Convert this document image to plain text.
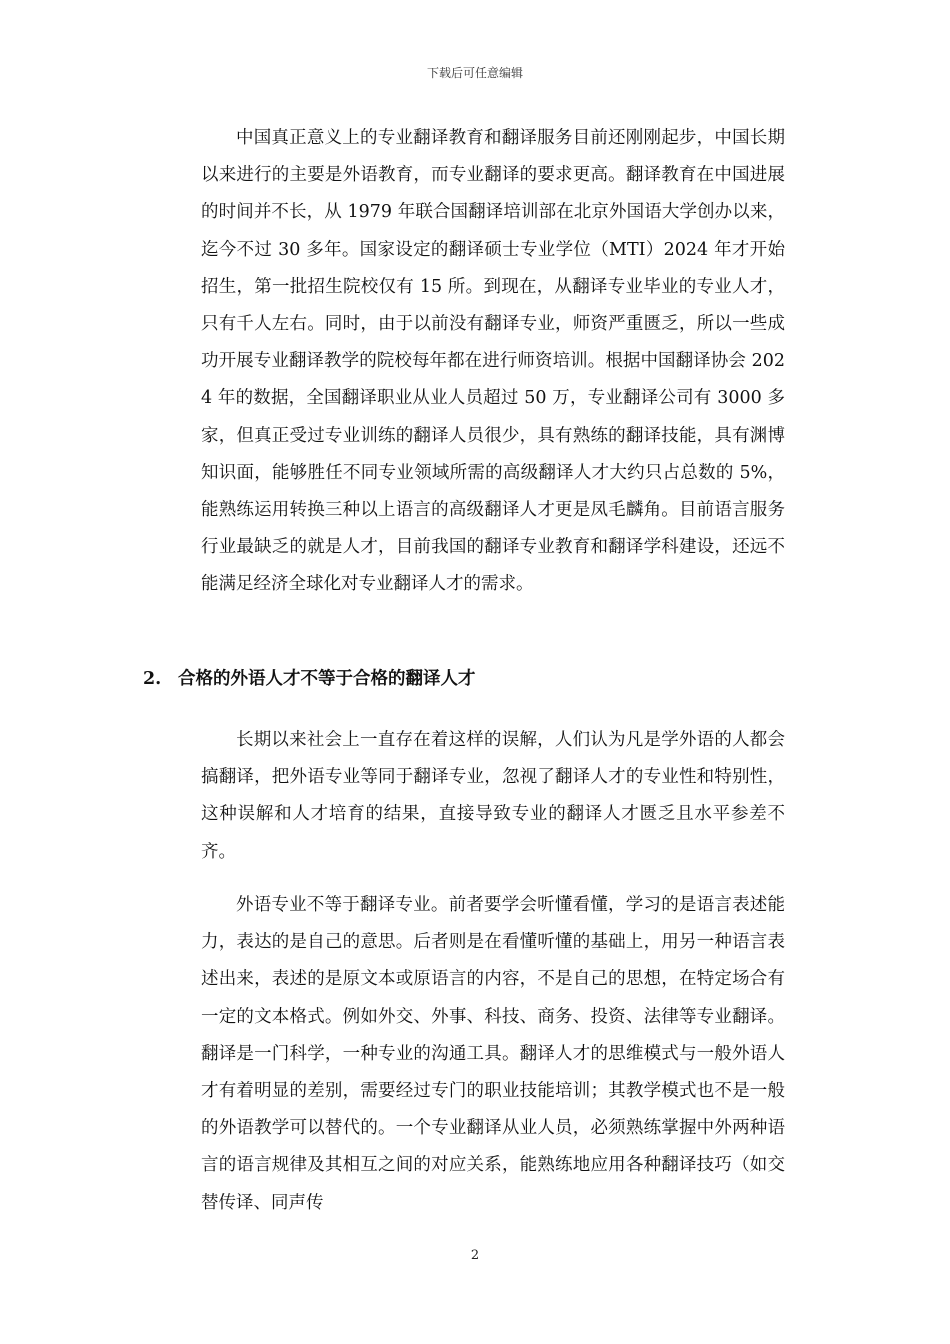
下载后可任意编辑

中国真正意义上的专业翻译教育和翻译服务目前还刚刚起步，中国长期以来进行的主要是外语教育，而专业翻译的要求更高。翻译教育在中国进展的时间并不长，从 1979 年联合国翻译培训部在北京外国语大学创办以来，迄今不过 30 多年。国家设定的翻译硕士专业学位（MTI）2024 年才开始招生，第一批招生院校仅有 15 所。到现在，从翻译专业毕业的专业人才，只有千人左右。同时，由于以前没有翻译专业，师资严重匮乏，所以一些成功开展专业翻译教学的院校每年都在进行师资培训。根据中国翻译协会 2024 年的数据，全国翻译职业从业人员超过 50 万，专业翻译公司有 3000 多家，但真正受过专业训练的翻译人员很少，具有熟练的翻译技能，具有渊博知识面，能够胜任不同专业领域所需的高级翻译人才大约只占总数的 5%，能熟练运用转换三种以上语言的高级翻译人才更是凤毛麟角。目前语言服务行业最缺乏的就是人才，目前我国的翻译专业教育和翻译学科建设，还远不能满足经济全球化对专业翻译人才的需求。

2. 合格的外语人才不等于合格的翻译人才

长期以来社会上一直存在着这样的误解，人们认为凡是学外语的人都会搞翻译，把外语专业等同于翻译专业，忽视了翻译人才的专业性和特别性，这种误解和人才培育的结果，直接导致专业的翻译人才匮乏且水平参差不齐。

外语专业不等于翻译专业。前者要学会听懂看懂，学习的是语言表述能力，表达的是自己的意思。后者则是在看懂听懂的基础上，用另一种语言表述出来，表述的是原文本或原语言的内容，不是自己的思想，在特定场合有一定的文本格式。例如外交、外事、科技、商务、投资、法律等专业翻译。翻译是一门科学，一种专业的沟通工具。翻译人才的思维模式与一般外语人才有着明显的差别，需要经过专门的职业技能培训；其教学模式也不是一般的外语教学可以替代的。一个专业翻译从业人员，必须熟练掌握中外两种语言的语言规律及其相互之间的对应关系，能熟练地应用各种翻译技巧（如交替传译、同声传

2
